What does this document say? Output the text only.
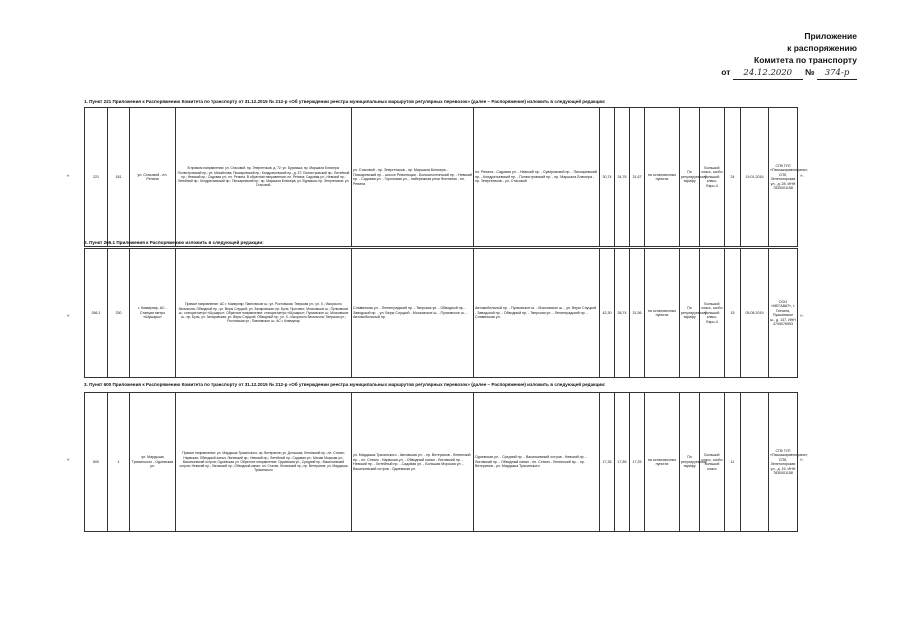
Приложение
к распоряжению
Комитета по транспорту
от 24.12.2020 № 374-р
1. Пункт 221 Приложения к Распоряжению Комитета по транспорту от 31.12.2015 № 212-р «Об утверждении реестра муниципальных маршрутов регулярных перевозок» (далее – Распоряжение) изложить в следующей редакции:
«	221	181	ул. Стасовой - пл. Репина	В прямом направлении: ул. Стасовой, пр. Энергетиков, д. 72; ул. Бурмиша; пр. Маршала Блюхера; Полюстровский пр.; ул. Михайлова; Пискаревский пр.; Кондратьевский пр., д. 37; Полюстровский пр.; Литейный пр.; Невский пр.; Садовая ул.; пл. Репина. В обратном направлении: пл. Репина; Садовая ул.; Невский пр.; Литейный пр.; Кондратьевский пр.; Пискаревский пр.; пр. Маршала Блюхера; ул. Бурмиша; пр. Энергетиков; ул. Стасовой.	ул. Стасовой - пр. Энергетиков - пр. Маршала Блюхера - Пискаревский пр. - шоссе Революции - Большеохтинский пр. - Невский пр. - Садовая ул. - Гороховая ул. - набережная реки Фонтанки - пл. Репина	пл. Репина - Садовая ул. - Невский пр. - Суворовский пр. - Пискаревский пр. - Кондратьевский пр. - Полюстровский пр. - пр. Маршала Блюхера - пр. Энергетиков - ул. Стасовой	30,74	34,76	31,67	на остановочных пунктах	По регулируемому тарифу	Большой класс, особо большой класс, Евро-4	24	19.01.2016	СПб ГУП «Пассажиравтотранс», СПб, Зеленогорская ул., д. 28, ИНН 7830001158
».
2. Пункт 266.1 Приложения к Распоряжению изложить в следующей редакции:
«
266.1	330	г. Коммунар, АС - Станция метро «Шушары»	Прямое направление: АС г. Коммунар; Павловское ш.; ул. Ростовская; Тверская ул.; ул. Х.; Ижорского батальона; Обводный пр.; ул. Веры Слуцкой; ул. Захаровская; пр. Буль; Проспект; Московское ш.; Пулковское ш.; станция метро «Шушары». Обратное направление: станция метро «Шушары»; Пулковское ш.; Московское ш.; пр. Буль; ул. Захаровская; ул. Веры Слуцкой; Обводный пр.; ул. Х.; Ижорского батальона; Тверская ул.; Ростовская ул.; Павловское ш.; АС г. Коммунар	Славянская ул. - Ленинградский пр. - Тверская ул. - Обводный пр. - Заводской пр. - ул. Веры Слуцкой - Московское ш. - Пулковское ш. - Автомобильный пр.	Автомобильный пр. - Пулковское ш. - Московское ш. - ул. Веры Слуцкой - Заводской пр. - Обводный пр. - Тверская ул. - Ленинградский пр. - Славянская ул.	42,30	38,74	31,56	на остановочных пунктах	По регулируемому тарифу	Большой класс, особо большой класс, Евро-4	15	05.08.2019	ООО «МЕГАВАТ», г. Гатчина, Пушкинское ш., д. 137, ИНН 4705076953
».
3. Пункт 600 Приложения к Распоряжению Комитета по транспорту от 31.12.2015 № 212-р «Об утверждении реестра муниципальных маршрутов регулярных перевозок» (далее – Распоряжение) изложить в следующей редакции:
«	600	1	ул. Мардыша Трясинского - Одоевская ул.	Прямое направление: ул. Мардыша Трясинского; пр. Ветеранов; ул. Дольская; Ленинский пр.; пл. Стачек; Нарвская; Обводный канал; Лиговский пр.; Невский пр.; Литейный пр.; Садовая ул.; Малая Морская ул.; Васильевский остров; Одоевская ул. Обратное направление: Одоевская ул.; Средний пр.; Васильевский остров; Невский пр.; Лиговский пр.; Обводный канал; пл. Стачек; Ленинский пр.; пр. Ветеранов; ул. Мардыша Трясинского	ул. Мардыша Трясинского - Автовская ул. - пр. Ветеранов - Ленинский пр. - пл. Стачек - Нарвская ул. - Обводный канал - Лиговский пр. - Невский пр. - Литейный пр. - Садовая ул. - Большая Морская ул. - Васильевский остров - Одоевская ул.	Одоевская ул. - Средний пр. - Васильевский остров - Невский пр. - Лиговский пр. - Обводный канал - пл. Стачек - Ленинский пр. - пр. Ветеранов - ул. Мардыша Трясинского	17,35	17,85	17,25	на остановочных пунктах	По регулируемому тарифу	Большой класс, особо большой класс	11		СПб ГУП «Пассажиравтотранс», СПб, Зеленогорская ул., д. 15, ИНН 7830001158
».
